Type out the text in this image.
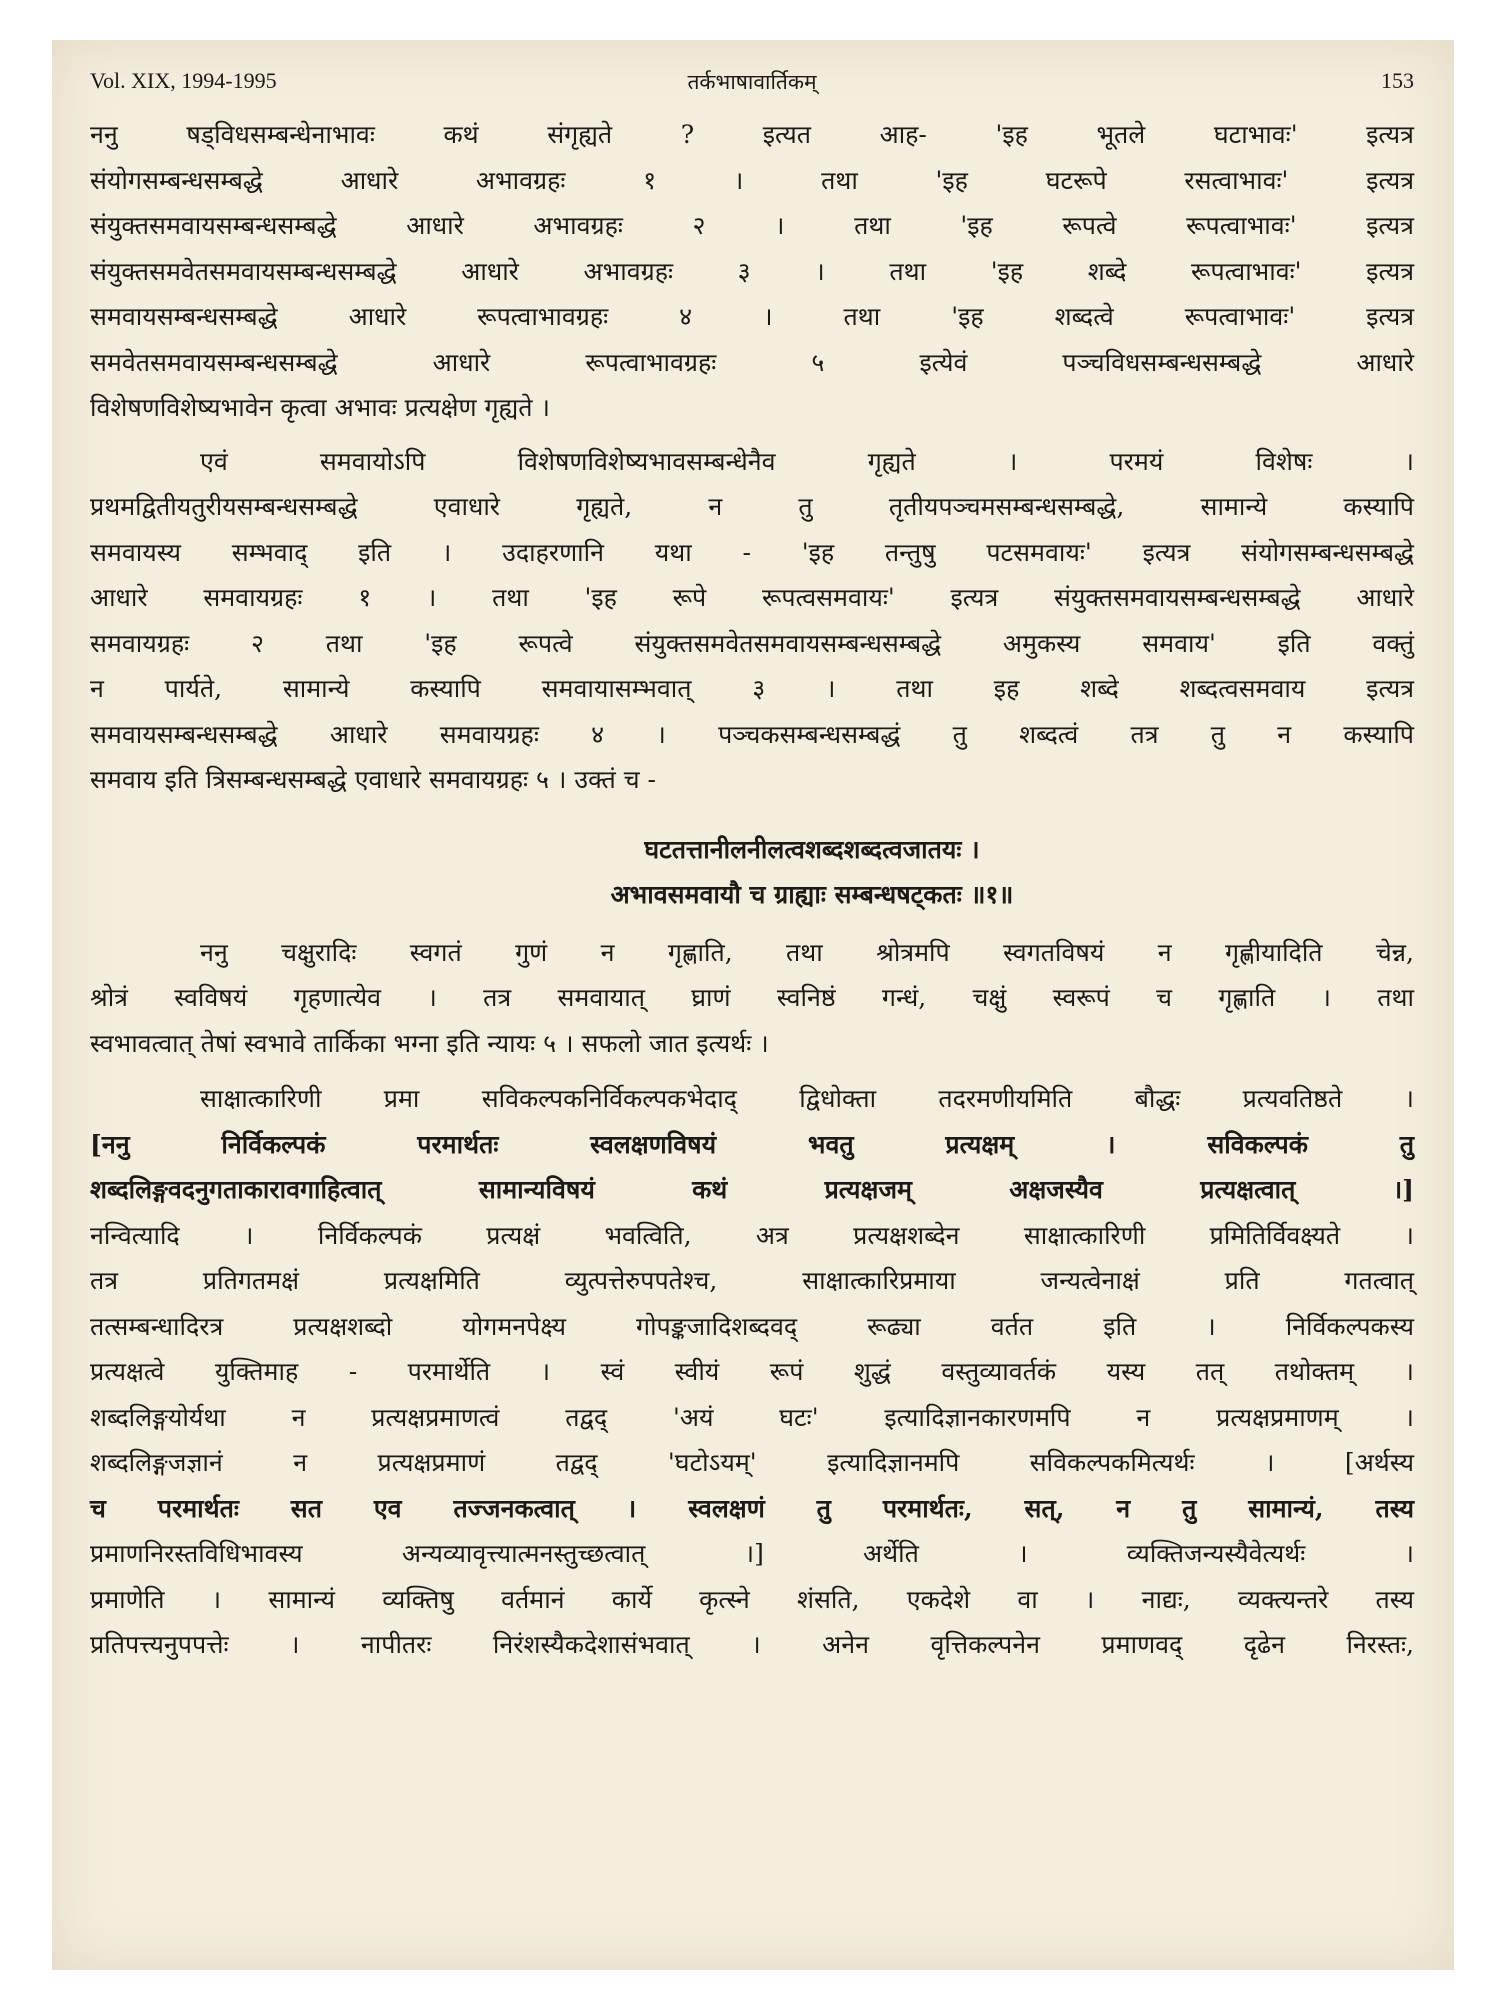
Vol. XIX, 1994-1995	तर्कभाषावार्तिकम्	153

ननु षड्विधसम्बन्धेनाभावः कथं संगृह्यते ? इत्यत आह- 'इह भूतले घटाभावः' इत्यत्र

संयोगसम्बन्धसम्बद्धे आधारे अभावग्रहः १ । तथा 'इह घटरूपे रसत्वाभावः' इत्यत्र

संयुक्तसमवायसम्बन्धसम्बद्धे आधारे अभावग्रहः २ । तथा 'इह रूपत्वे रूपत्वाभावः' इत्यत्र

संयुक्तसमवेतसमवायसम्बन्धसम्बद्धे आधारे अभावग्रहः ३ । तथा 'इह शब्दे रूपत्वाभावः' इत्यत्र

समवायसम्बन्धसम्बद्धे आधारे रूपत्वाभावग्रहः ४ । तथा 'इह शब्दत्वे रूपत्वाभावः' इत्यत्र

समवेतसमवायसम्बन्धसम्बद्धे आधारे रूपत्वाभावग्रहः ५ इत्येवं पञ्चविधसम्बन्धसम्बद्धे आधारे

विशेषणविशेष्यभावेन कृत्वा अभावः प्रत्यक्षेण गृह्यते ।

एवं समवायोऽपि विशेषणविशेष्यभावसम्बन्धेनैव गृह्यते । परमयं विशेषः ।

प्रथमद्वितीयतुरीयसम्बन्धसम्बद्धे एवाधारे गृह्यते, न तु तृतीयपञ्चमसम्बन्धसम्बद्धे, सामान्ये कस्यापि

समवायस्य सम्भवाद् इति । उदाहरणानि यथा - 'इह तन्तुषु पटसमवायः' इत्यत्र संयोगसम्बन्धसम्बद्धे

आधारे समवायग्रहः १ । तथा 'इह रूपे रूपत्वसमवायः' इत्यत्र संयुक्तसमवायसम्बन्धसम्बद्धे आधारे

समवायग्रहः २ तथा 'इह रूपत्वे संयुक्तसमवेतसमवायसम्बन्धसम्बद्धे अमुकस्य समवाय' इति वक्तुं

न पार्यते, सामान्ये कस्यापि समवायासम्भवात् ३ । तथा इह शब्दे शब्दत्वसमवाय इत्यत्र

समवायसम्बन्धसम्बद्धे आधारे समवायग्रहः ४ । पञ्चकसम्बन्धसम्बद्धं तु शब्दत्वं तत्र तु न कस्यापि

समवाय इति त्रिसम्बन्धसम्बद्धे एवाधारे समवायग्रहः ५ । उक्तं च -

घटतत्तानीलनीलत्वशब्दशब्दत्वजातयः ।
अभावसमवायौ च ग्राह्याः सम्बन्धषट्कतः ॥१॥

ननु चक्षुरादिः स्वगतं गुणं न गृह्णाति, तथा श्रोत्रमपि स्वगतविषयं न गृह्णीयादिति चेन्न,

श्रोत्रं स्वविषयं गृहणात्येव । तत्र समवायात् घ्राणं स्वनिष्ठं गन्धं, चक्षुं स्वरूपं च गृह्णाति । तथा

स्वभावत्वात् तेषां स्वभावे तार्किका भग्ना इति न्यायः ५ । सफलो जात इत्यर्थः ।

साक्षात्कारिणी प्रमा सविकल्पकनिर्विकल्पकभेदाद् द्विधोक्ता तदरमणीयमिति बौद्धः प्रत्यवतिष्ठते ।

[ननु निर्विकल्पकं परमार्थतः स्वलक्षणविषयं भवतु प्रत्यक्षम् । सविकल्पकं तु

शब्दलिङ्गवदनुगताकारावगाहित्वात् सामान्यविषयं कथं प्रत्यक्षजम् अक्षजस्यैव प्रत्यक्षत्वात् ।]

नन्वित्यादि । निर्विकल्पकं प्रत्यक्षं भवत्विति, अत्र प्रत्यक्षशब्देन साक्षात्कारिणी प्रमितिर्विवक्ष्यते ।

तत्र प्रतिगतमक्षं प्रत्यक्षमिति व्युत्पत्तेरुपपतेश्च, साक्षात्कारिप्रमाया जन्यत्वेनाक्षं प्रति गतत्वात्

तत्सम्बन्धादिरत्र प्रत्यक्षशब्दो योगमनपेक्ष्य गोपङ्कजादिशब्दवद् रूढ्या वर्तत इति । निर्विकल्पकस्य

प्रत्यक्षत्वे युक्तिमाह - परमार्थेति । स्वं स्वीयं रूपं शुद्धं वस्तुव्यावर्तकं यस्य तत् तथोक्तम् ।

शब्दलिङ्गयोर्यथा न प्रत्यक्षप्रमाणत्वं तद्वद् 'अयं घटः' इत्यादिज्ञानकारणमपि न प्रत्यक्षप्रमाणम् ।

शब्दलिङ्गजज्ञानं न प्रत्यक्षप्रमाणं तद्वद् 'घटोऽयम्' इत्यादिज्ञानमपि सविकल्पकमित्यर्थः । [अर्थस्य

च परमार्थतः सत एव तज्जनकत्वात् । स्वलक्षणं तु परमार्थतः, सत्, न तु सामान्यं, तस्य

प्रमाणनिरस्तविधिभावस्य अन्यव्यावृत्त्यात्मनस्तुच्छत्वात् ।] अर्थेति । व्यक्तिजन्यस्यैवेत्यर्थः ।

प्रमाणेति । सामान्यं व्यक्तिषु वर्तमानं कार्ये कृत्स्ने शंसति, एकदेशे वा । नाद्यः, व्यक्त्यन्तरे तस्य

प्रतिपत्त्यनुपपत्तेः । नापीतरः निरंशस्यैकदेशासंभवात् । अनेन वृत्तिकल्पनेन प्रमाणवद् दृढेन निरस्तः,
